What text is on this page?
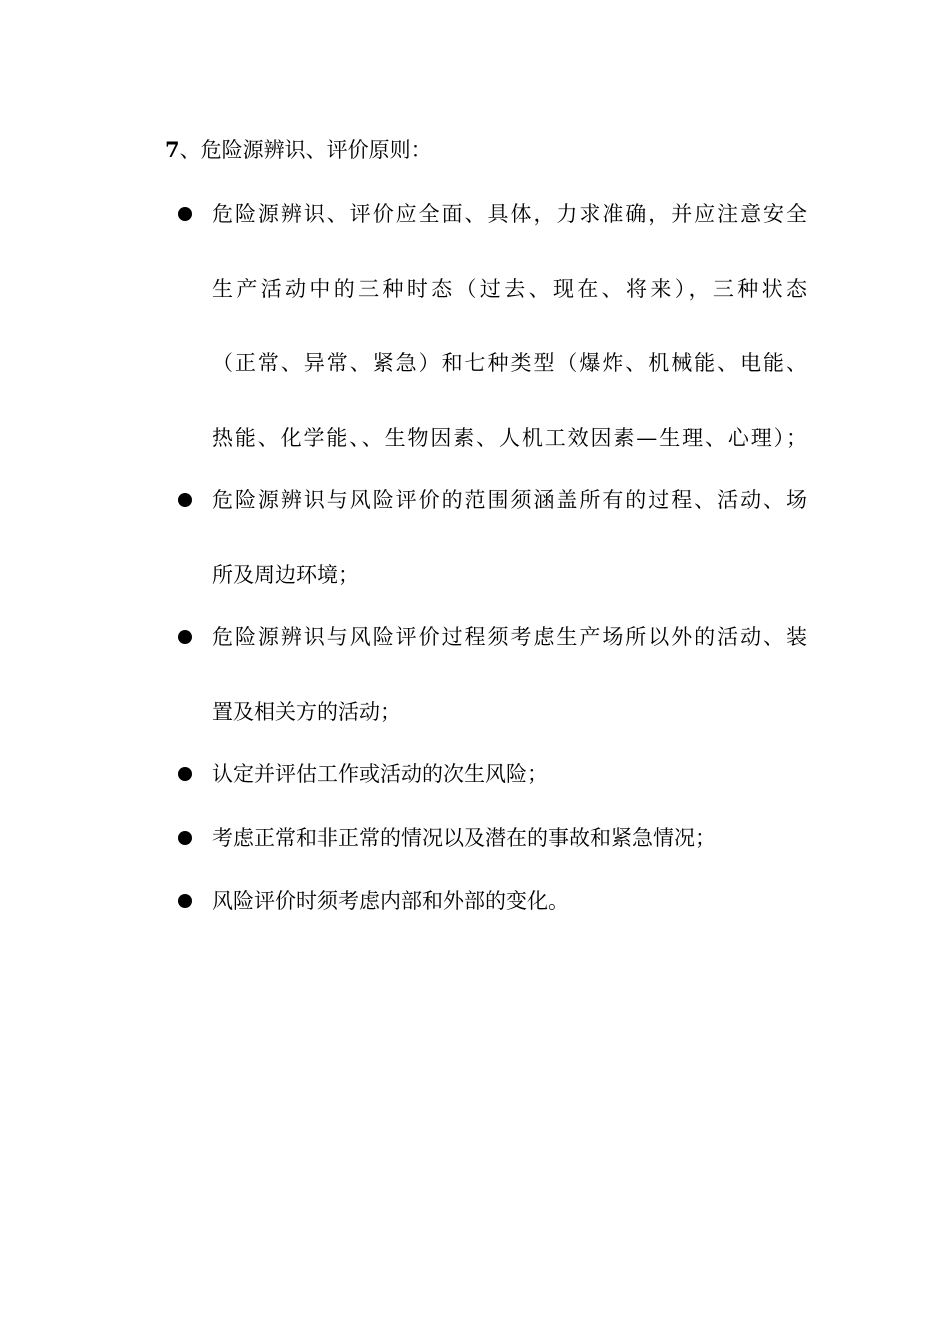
7、危险源辨识、评价原则：
危险源辨识、评价应全面、具体，力求准确，并应注意安全
生产活动中的三种时态（过去、现在、将来），三种状态
（正常、异常、紧急）和七种类型（爆炸、机械能、电能、
热能、化学能、、生物因素、人机工效因素—生理、心理）；
危险源辨识与风险评价的范围须涵盖所有的过程、活动、场
所及周边环境；
危险源辨识与风险评价过程须考虑生产场所以外的活动、装
置及相关方的活动；
认定并评估工作或活动的次生风险；
考虑正常和非正常的情况以及潜在的事故和紧急情况；
风险评价时须考虑内部和外部的变化。
